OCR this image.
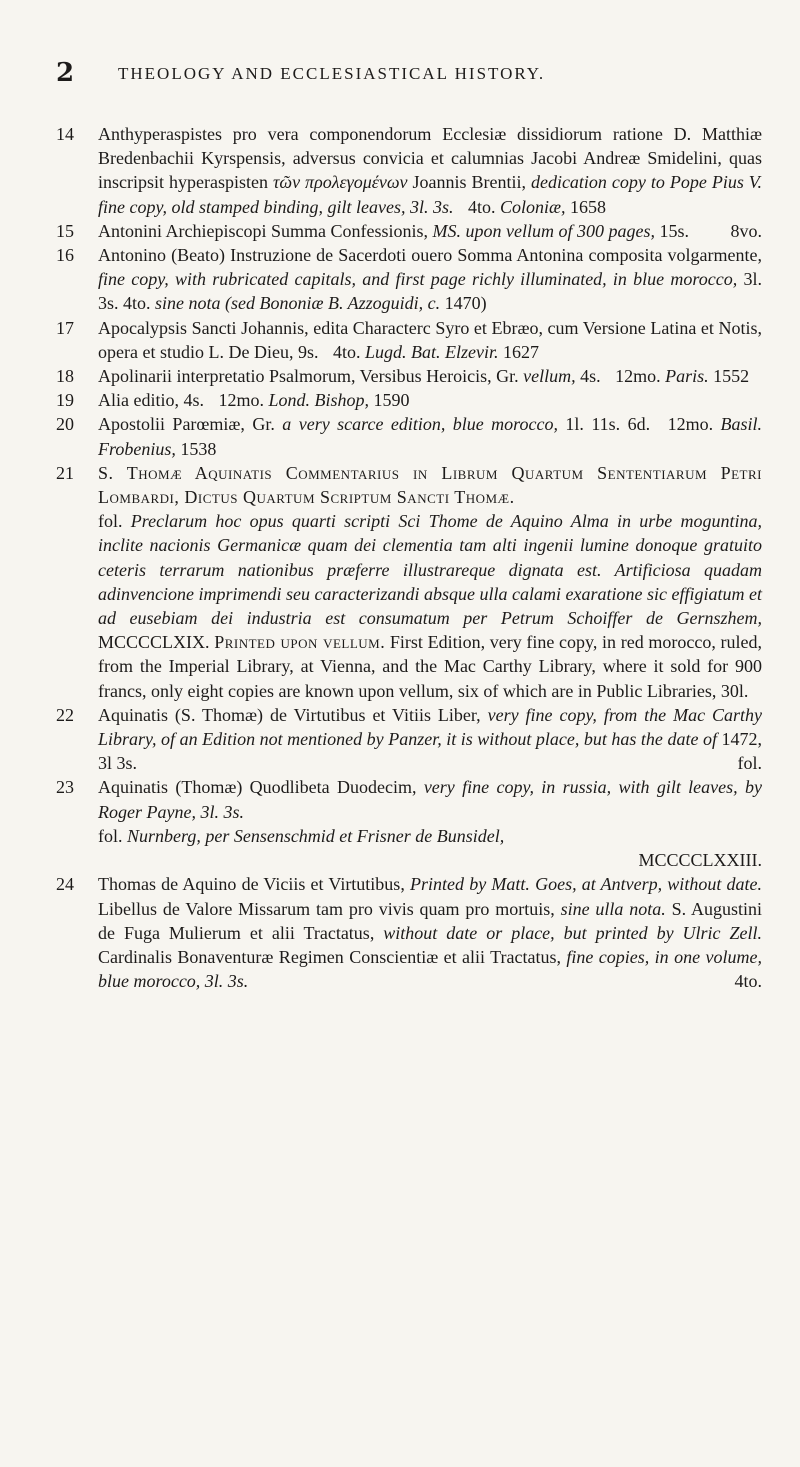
2	THEOLOGY AND ECCLESIASTICAL HISTORY.
14	Anthyperaspistes pro vera componendorum Ecclesiæ dissidiorum ratione D. Matthiæ Bredenbachii Kyrspensis, adversus convicia et calumnias Jacobi Andreæ Smidelini, quas inscripsit hyperaspisten τῶν πρoλεγoμένων Joannis Brentii, dedication copy to Pope Pius V. fine copy, old stamped binding, gilt leaves, 3l. 3s. 4to. Coloniæ, 1658
15	Antonini Archiepiscopi Summa Confessionis, MS. upon vellum of 300 pages, 15s.	8vo.
16	Antonino (Beato) Instruzione de Sacerdoti ouero Somma Antonina composita volgarmente, fine copy, with rubricated capitals, and first page richly illuminated, in blue morocco, 3l. 3s. 4to. sine nota (sed Bononiæ B. Azzoguidi, c. 1470)
17	Apocalypsis Sancti Johannis, edita Characterc Syro et Ebræo, cum Versione Latina et Notis, opera et studio L. De Dieu, 9s. 4to. Lugd. Bat. Elzevir. 1627
18	Apolinarii interpretatio Psalmorum, Versibus Heroicis, Gr. vellum, 4s. 12mo. Paris. 1552
19	Alia editio, 4s. 12mo. Lond. Bishop, 1590
20	Apostolii Parœmiæ, Gr. a very scarce edition, blue morocco, 1l. 11s. 6d. 12mo. Basil. Frobenius, 1538
21	S. Thomæ Aquinatis Commentarius in Librum Quartum Sententiarum Petri Lombardi, Dictus Quartum Scriptum Sancti Thomæ.
fol. Preclarum hoc opus quarti scripti Sci Thome de Aquino Alma in urbe moguntina, inclite nacionis Germanicæ quam dei clementia tam alti ingenii lumine donoque gratuito ceteris terrarum nationibus præferre illustrareque dignata est. Artificiosa quadam adinvencione imprimendi seu caracterizandi absque ulla calami exaratione sic effigiatum et ad eusebiam dei industria est consumatum per Petrum Schoiffer de Gernszhem, MCCCCLXIX. Printed upon vellum. First Edition, very fine copy, in red morocco, ruled, from the Imperial Library, at Vienna, and the Mac Carthy Library, where it sold for 900 francs, only eight copies are known upon vellum, six of which are in Public Libraries, 30l.
22	Aquinatis (S. Thomæ) de Virtutibus et Vitiis Liber, very fine copy, from the Mac Carthy Library, of an Edition not mentioned by Panzer, it is without place, but has the date of 1472, 3l 3s.	fol.
23	Aquinatis (Thomæ) Quodlibeta Duodecim, very fine copy, in russia, with gilt leaves, by Roger Payne, 3l. 3s.
fol. Nurnberg, per Sensenschmid et Frisner de Bunsidel,
MCCCCLXXIII.
24	Thomas de Aquino de Viciis et Virtutibus, Printed by Matt. Goes, at Antverp, without date. Libellus de Valore Missarum tam pro vivis quam pro mortuis, sine ulla nota. S. Augustini de Fuga Mulierum et alii Tractatus, without date or place, but printed by Ulric Zell. Cardinalis Bonaventuræ Regimen Conscientiæ et alii Tractatus, fine copies, in one volume, blue morocco, 3l. 3s.	4to.
